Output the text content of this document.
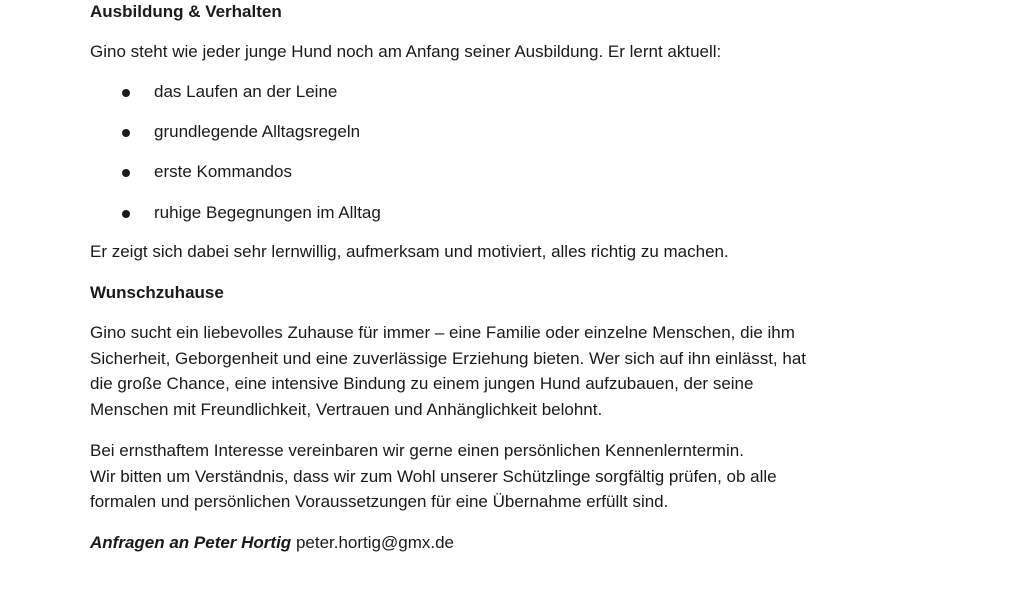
Ausbildung & Verhalten

Gino steht wie jeder junge Hund noch am Anfang seiner Ausbildung. Er lernt aktuell:

das Laufen an der Leine

grundlegende Alltagsregeln

erste Kommandos

ruhige Begegnungen im Alltag

Er zeigt sich dabei sehr lernwillig, aufmerksam und motiviert, alles richtig zu machen.

Wunschzuhause

Gino sucht ein liebevolles Zuhause für immer – eine Familie oder einzelne Menschen, die ihm
Sicherheit, Geborgenheit und eine zuverlässige Erziehung bieten. Wer sich auf ihn einlässt, hat
die große Chance, eine intensive Bindung zu einem jungen Hund aufzubauen, der seine
Menschen mit Freundlichkeit, Vertrauen und Anhänglichkeit belohnt.

Bei ernsthaftem Interesse vereinbaren wir gerne einen persönlichen Kennenlerntermin.
Wir bitten um Verständnis, dass wir zum Wohl unserer Schützlinge sorgfältig prüfen, ob alle
formalen und persönlichen Voraussetzungen für eine Übernahme erfüllt sind.

Anfragen an Peter Hortig peter.hortig@gmx.de
